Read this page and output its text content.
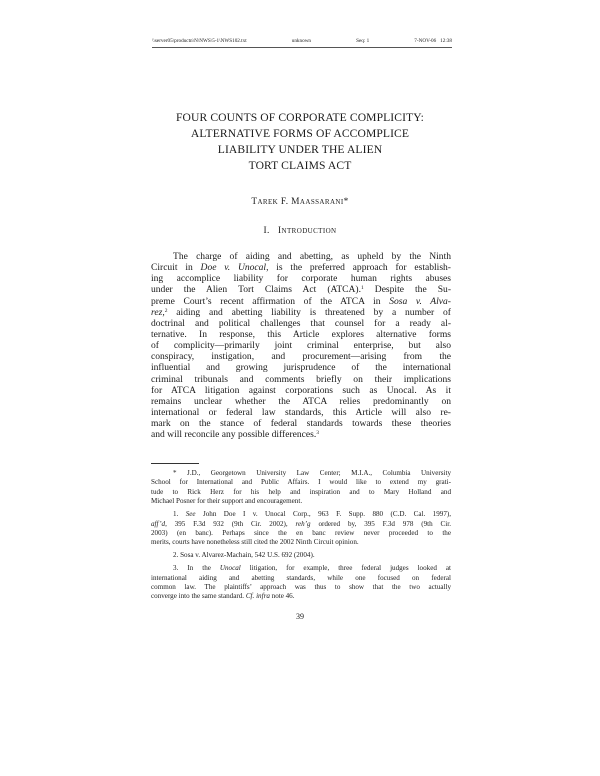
\\server05\productn\N\NWS\5-1\NWS102.txt	unknown	Seq: 1	7-NOV-06 12:38
FOUR COUNTS OF CORPORATE COMPLICITY:
ALTERNATIVE FORMS OF ACCOMPLICE
LIABILITY UNDER THE ALIEN
TORT CLAIMS ACT
Tarek F. Maassarani*
I. Introduction
The charge of aiding and abetting, as upheld by the Ninth
Circuit in Doe v. Unocal, is the preferred approach for establish-
ing accomplice liability for corporate human rights abuses
under the Alien Tort Claims Act (ATCA).$^1$ Despite the Su-
preme Court’s recent affirmation of the ATCA in Sosa v. Alva-
rez,$^2$ aiding and abetting liability is threatened by a number of
doctrinal and political challenges that counsel for a ready al-
ternative. In response, this Article explores alternative forms
of complicity—primarily joint criminal enterprise, but also
conspiracy, instigation, and procurement—arising from the
influential and growing jurisprudence of the international
criminal tribunals and comments briefly on their implications
for ATCA litigation against corporations such as Unocal. As it
remains unclear whether the ATCA relies predominantly on
international or federal law standards, this Article will also re-
mark on the stance of federal standards towards these theories
and will reconcile any possible differences.$^3$
* J.D., Georgetown University Law Center; M.I.A., Columbia University
School for International and Public Affairs. I would like to extend my grati-
tude to Rick Herz for his help and inspiration and to Mary Holland and
Michael Posner for their support and encouragement.
1. See John Doe I v. Unocal Corp., 963 F. Supp. 880 (C.D. Cal. 1997),
aff’d, 395 F.3d 932 (9th Cir. 2002), reh’g ordered by, 395 F.3d 978 (9th Cir.
2003) (en banc). Perhaps since the en banc review never proceeded to the
merits, courts have nonetheless still cited the 2002 Ninth Circuit opinion.
2. Sosa v. Alvarez-Machain, 542 U.S. 692 (2004).
3. In the Unocal litigation, for example, three federal judges looked at
international aiding and abetting standards, while one focused on federal
common law. The plaintiffs’ approach was thus to show that the two actually
converge into the same standard. Cf. infra note 46.
39
